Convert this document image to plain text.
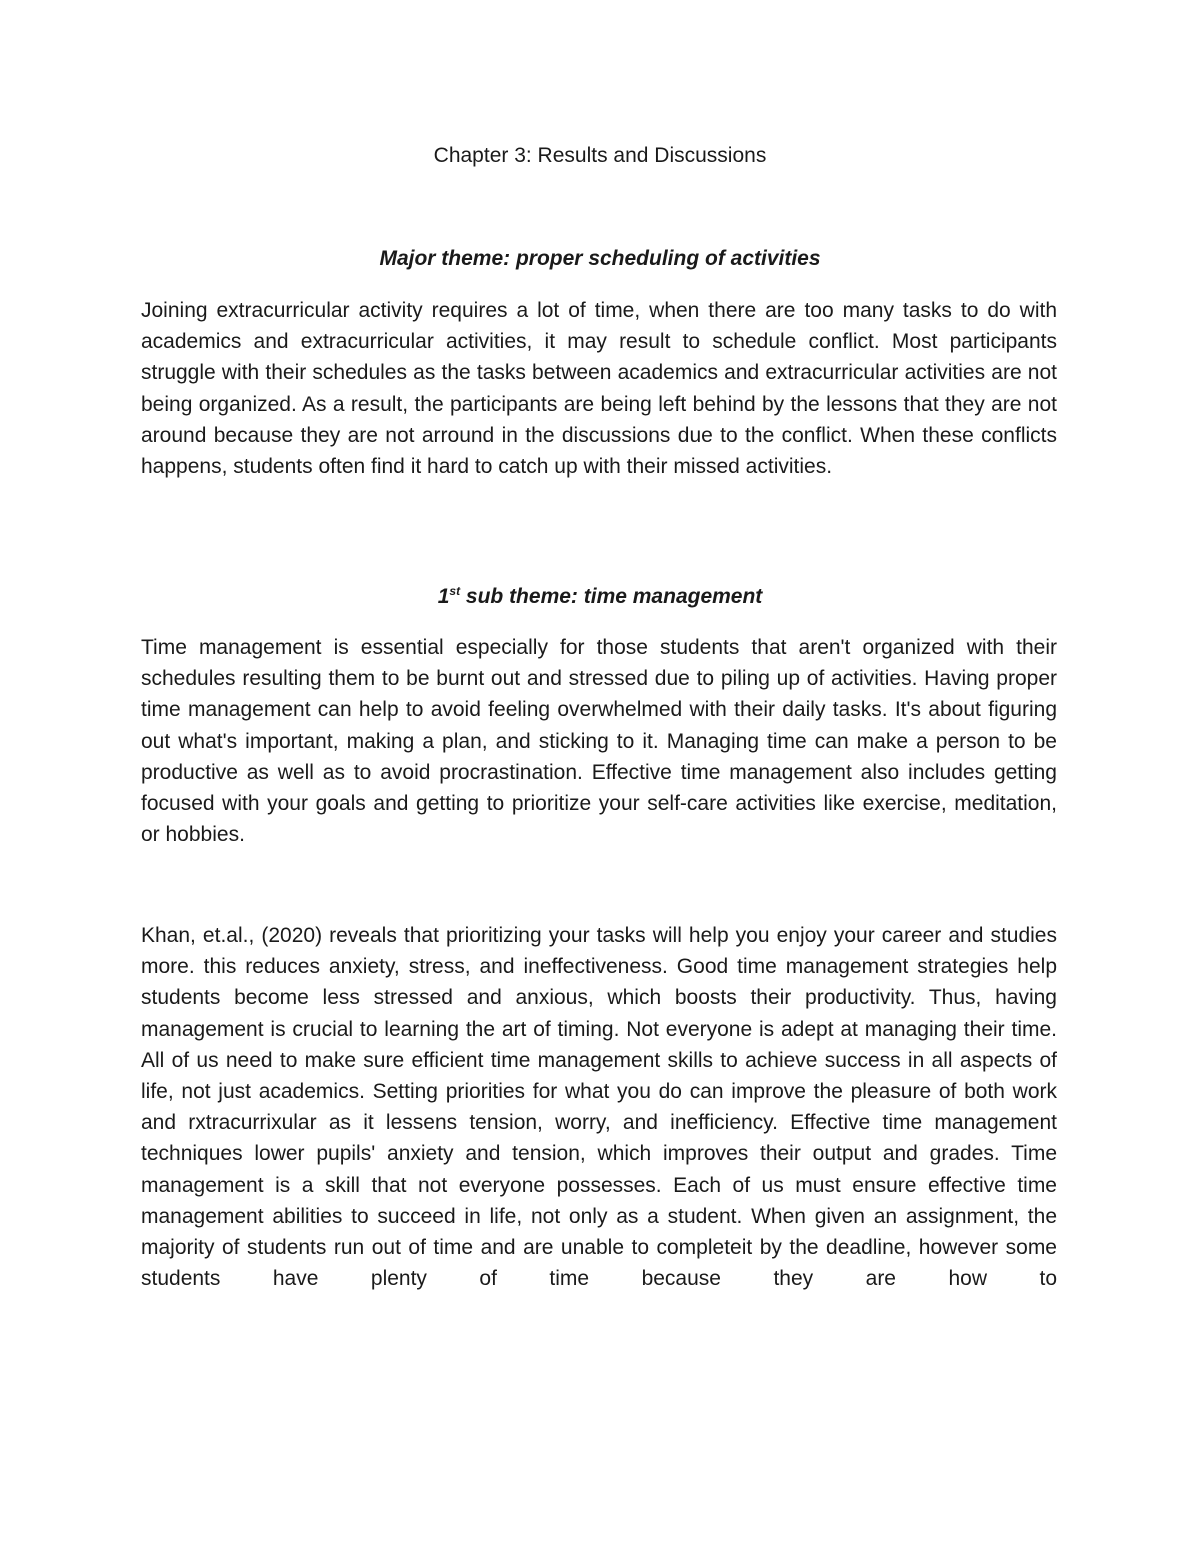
Chapter 3: Results and Discussions
Major theme: proper scheduling of activities

Joining extracurricular activity requires a lot of time, when there are too many tasks to do with academics and extracurricular activities, it may result to schedule conflict. Most participants struggle with their schedules as the tasks between academics and extracurricular activities are not being organized. As a result, the participants are being left behind by the lessons that they are not around because they are not arround in the discussions due to the conflict. When these conflicts happens, students often find it hard to catch up with their missed activities.

1st sub theme: time management

Time management is essential especially for those students that aren't organized with their schedules resulting them to be burnt out and stressed due to piling up of activities. Having proper time management can help to avoid feeling overwhelmed with their daily tasks. It's about figuring out what's important, making a plan, and sticking to it. Managing time can make a person to be productive as well as to avoid procrastination. Effective time management also includes getting focused with your goals and getting to prioritize your self-care activities like exercise, meditation, or hobbies.

Khan, et.al., (2020) reveals that prioritizing your tasks will help you enjoy your career and studies more. this reduces anxiety, stress, and ineffectiveness. Good time management strategies help students become less stressed and anxious, which boosts their productivity. Thus, having management is crucial to learning the art of timing. Not everyone is adept at managing their time. All of us need to make sure efficient time management skills to achieve success in all aspects of life, not just academics. Setting priorities for what you do can improve the pleasure of both work and rxtracurrixular as it lessens tension, worry, and inefficiency. Effective time management techniques lower pupils' anxiety and tension, which improves their output and grades. Time management is a skill that not everyone possesses. Each of us must ensure effective time management abilities to succeed in life, not only as a student. When given an assignment, the majority of students run out of time and are unable to completeit by the deadline, however some students have plenty of time because they are how to
